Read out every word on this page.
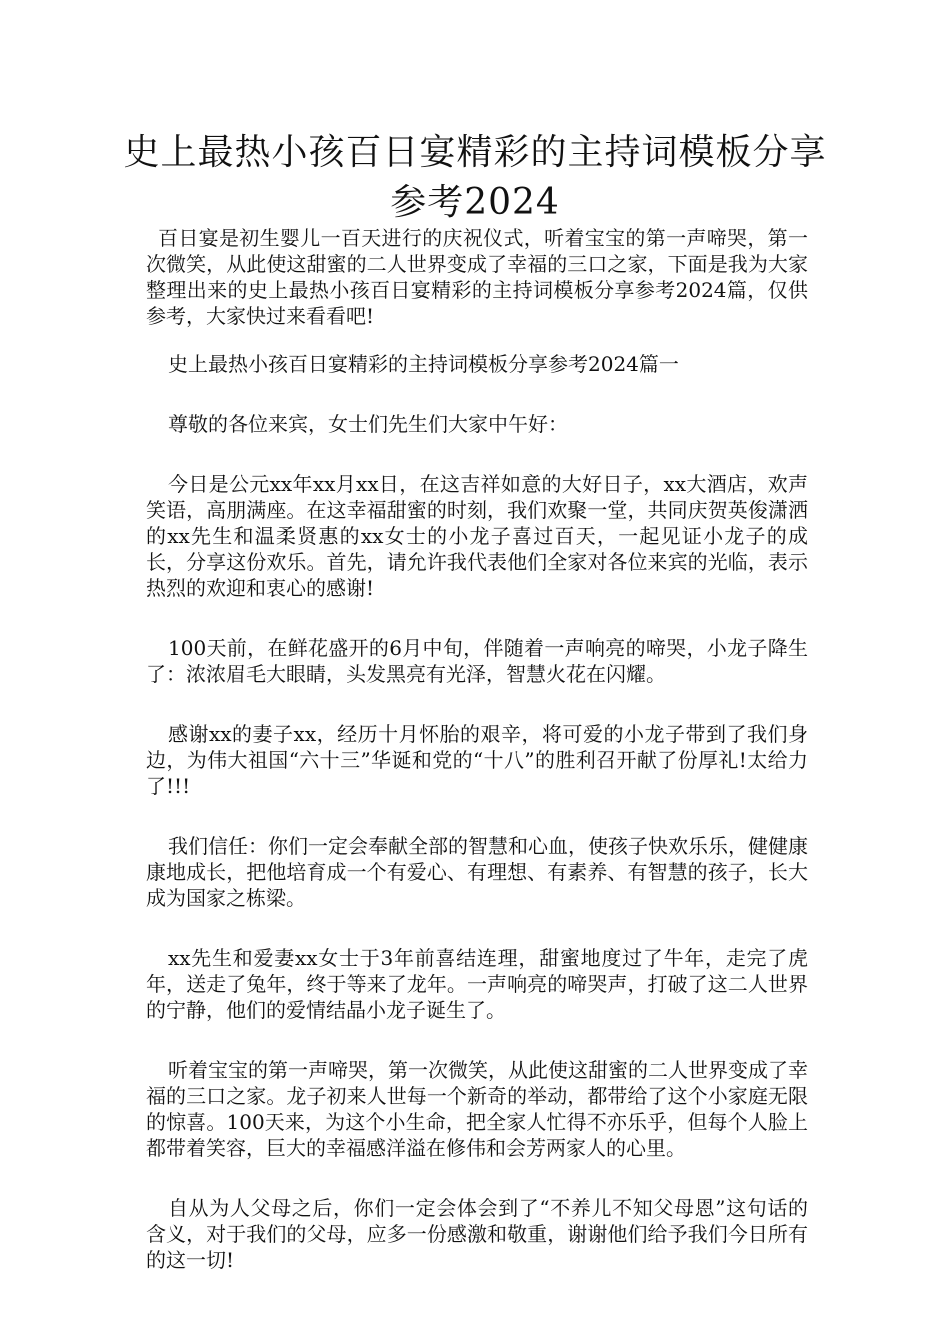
史上最热小孩百日宴精彩的主持词模板分享参考2024

百日宴是初生婴儿一百天进行的庆祝仪式，听着宝宝的第一声啼哭，第一次微笑，从此使这甜蜜的二人世界变成了幸福的三口之家，下面是我为大家整理出来的史上最热小孩百日宴精彩的主持词模板分享参考2024篇，仅供参考，大家快过来看看吧!

史上最热小孩百日宴精彩的主持词模板分享参考2024篇一

尊敬的各位来宾，女士们先生们大家中午好：

今日是公元xx年xx月xx日，在这吉祥如意的大好日子，xx大酒店，欢声笑语，高朋满座。在这幸福甜蜜的时刻，我们欢聚一堂，共同庆贺英俊潇洒的xx先生和温柔贤惠的xx女士的小龙子喜过百天，一起见证小龙子的成长，分享这份欢乐。首先，请允许我代表他们全家对各位来宾的光临，表示热烈的欢迎和衷心的感谢!

100天前，在鲜花盛开的6月中旬，伴随着一声响亮的啼哭，小龙子降生了：浓浓眉毛大眼睛，头发黑亮有光泽，智慧火花在闪耀。

感谢xx的妻子xx，经历十月怀胎的艰辛，将可爱的小龙子带到了我们身边，为伟大祖国“六十三”华诞和党的“十八”的胜利召开献了份厚礼!太给力了!!!

我们信任：你们一定会奉献全部的智慧和心血，使孩子快欢乐乐，健健康康地成长，把他培育成一个有爱心、有理想、有素养、有智慧的孩子，长大成为国家之栋梁。

xx先生和爱妻xx女士于3年前喜结连理，甜蜜地度过了牛年，走完了虎年，送走了兔年，终于等来了龙年。一声响亮的啼哭声，打破了这二人世界的宁静，他们的爱情结晶小龙子诞生了。

听着宝宝的第一声啼哭，第一次微笑，从此使这甜蜜的二人世界变成了幸福的三口之家。龙子初来人世每一个新奇的举动，都带给了这个小家庭无限的惊喜。100天来，为这个小生命，把全家人忙得不亦乐乎，但每个人脸上都带着笑容，巨大的幸福感洋溢在修伟和会芳两家人的心里。

自从为人父母之后，你们一定会体会到了“不养儿不知父母恩”这句话的含义，对于我们的父母，应多一份感激和敬重，谢谢他们给予我们今日所有的这一切!
